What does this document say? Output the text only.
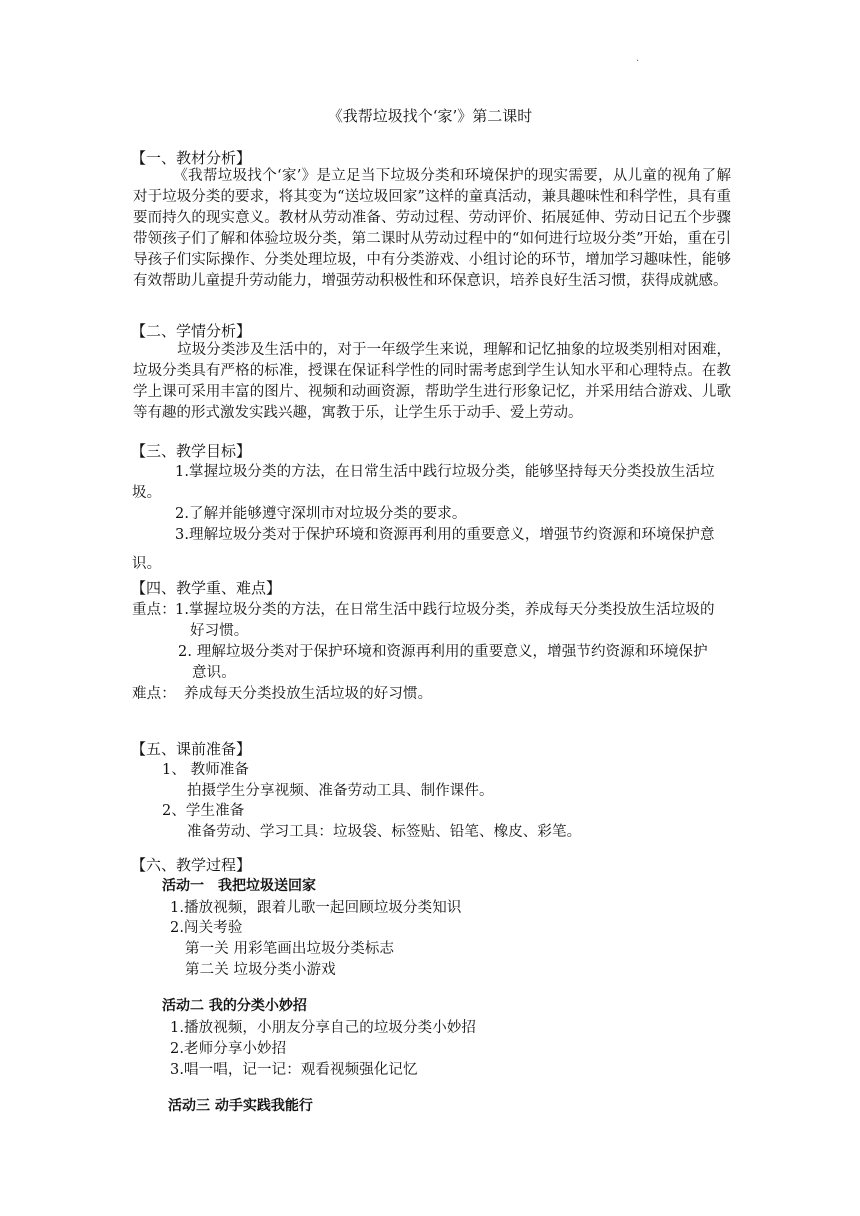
·
《我帮垃圾找个‘家’》第二课时
【一、教材分析】
《我帮垃圾找个‘家’》是立足当下垃圾分类和环境保护的现实需要，从儿童的视角了解对于垃圾分类的要求，将其变为“送垃圾回家”这样的童真活动，兼具趣味性和科学性，具有重要而持久的现实意义。教材从劳动准备、劳动过程、劳动评价、拓展延伸、劳动日记五个步骤带领孩子们了解和体验垃圾分类，第二课时从劳动过程中的“如何进行垃圾分类”开始，重在引导孩子们实际操作、分类处理垃圾，中有分类游戏、小组讨论的环节，增加学习趣味性，能够有效帮助儿童提升劳动能力，增强劳动积极性和环保意识，培养良好生活习惯，获得成就感。
【二、学情分析】
垃圾分类涉及生活中的，对于一年级学生来说，理解和记忆抽象的垃圾类别相对困难，垃圾分类具有严格的标准，授课在保证科学性的同时需考虑到学生认知水平和心理特点。在教学上课可采用丰富的图片、视频和动画资源，帮助学生进行形象记忆，并采用结合游戏、儿歌等有趣的形式激发实践兴趣，寓教于乐，让学生乐于动手、爱上劳动。
【三、教学目标】
1.掌握垃圾分类的方法，在日常生活中践行垃圾分类，能够坚持每天分类投放生活垃
圾。
2.了解并能够遵守深圳市对垃圾分类的要求。
3.理解垃圾分类对于保护环境和资源再利用的重要意义，增强节约资源和环境保护意
识。
【四、教学重、难点】
重点： 1.掌握垃圾分类的方法，在日常生活中践行垃圾分类，养成每天分类投放生活垃圾的
好习惯。
2. 理解垃圾分类对于保护环境和资源再利用的重要意义，增强节约资源和环境保护
意识。
难点： 养成每天分类投放生活垃圾的好习惯。
【五、课前准备】
1、 教师准备
拍摄学生分享视频、准备劳动工具、制作课件。
2、学生准备
准备劳动、学习工具：垃圾袋、标签贴、铅笔、橡皮、彩笔。
【六、教学过程】
活动一　我把垃圾送回家
1.播放视频，跟着儿歌一起回顾垃圾分类知识
2.闯关考验
第一关 用彩笔画出垃圾分类标志
第二关 垃圾分类小游戏
活动二 我的分类小妙招
1.播放视频，小朋友分享自己的垃圾分类小妙招
2.老师分享小妙招
3.唱一唱，记一记：观看视频强化记忆
活动三 动手实践我能行
